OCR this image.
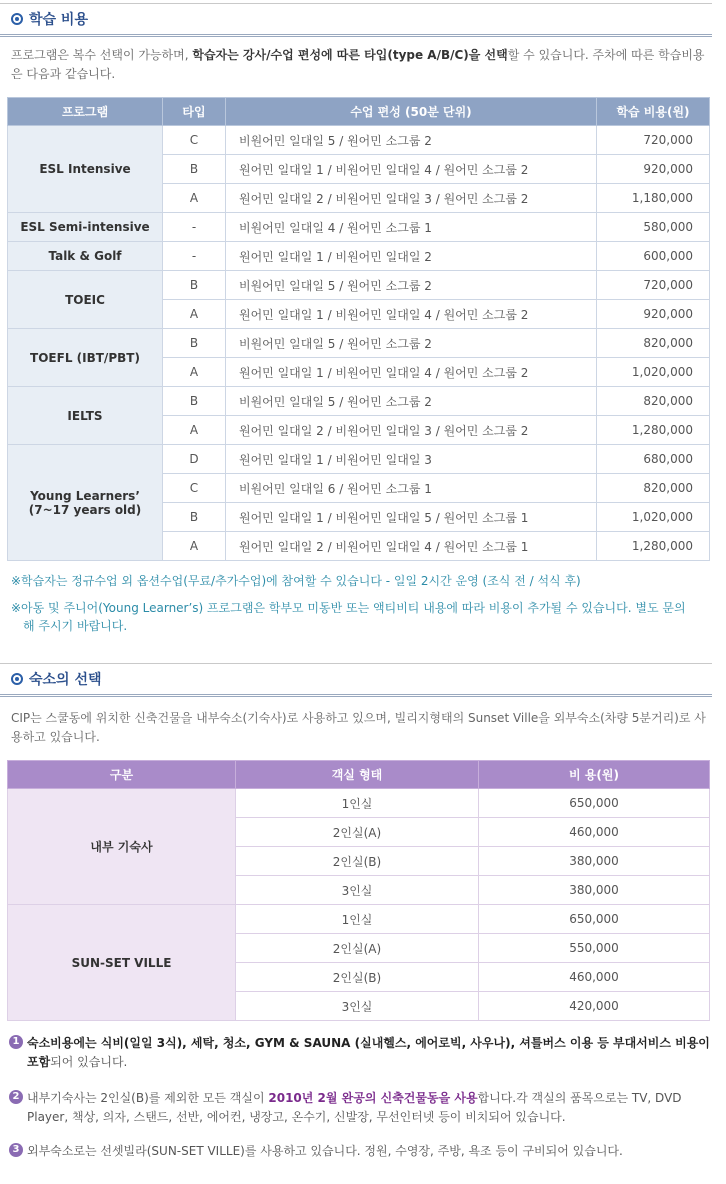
학습 비용
프로그램은 복수 선택이 가능하며, 학습자는 강사/수업 편성에 따른 타입(type A/B/C)을 선택할 수 있습니다. 주차에 따른 학습비용은 다음과 같습니다.
프로그램	타입	수업 편성 (50분 단위)	학습 비용(원)
ESL Intensive	C	비원어민 일대일 5 / 원어민 소그룹 2	720,000
	B	원어민 일대일 1 / 비원어민 일대일 4 / 원어민 소그룹 2	920,000
	A	원어민 일대일 2 / 비원어민 일대일 3 / 원어민 소그룹 2	1,180,000
ESL Semi-intensive	-	비원어민 일대일 4 / 원어민 소그룹 1	580,000
Talk & Golf	-	원어민 일대일 1 / 비원어민 일대일 2	600,000
TOEIC	B	비원어민 일대일 5 / 원어민 소그룹 2	720,000
	A	원어민 일대일 1 / 비원어민 일대일 4 / 원어민 소그룹 2	920,000
TOEFL (IBT/PBT)	B	비원어민 일대일 5 / 원어민 소그룹 2	820,000
	A	원어민 일대일 1 / 비원어민 일대일 4 / 원어민 소그룹 2	1,020,000
IELTS	B	비원어민 일대일 5 / 원어민 소그룹 2	820,000
	A	원어민 일대일 2 / 비원어민 일대일 3 / 원어민 소그룹 2	1,280,000
Young Learners’
(7~17 years old)	D	원어민 일대일 1 / 비원어민 일대일 3	680,000
	C	비원어민 일대일 6 / 원어민 소그룹 1	820,000
	B	원어민 일대일 1 / 비원어민 일대일 5 / 원어민 소그룹 1	1,020,000
	A	원어민 일대일 2 / 비원어민 일대일 4 / 원어민 소그룹 1	1,280,000
※학습자는 정규수업 외 옵션수업(무료/추가수업)에 참여할 수 있습니다 - 일일 2시간 운영 (조식 전 / 석식 후)
※아동 및 주니어(Young Learner’s) 프로그램은 학부모 미동반 또는 액티비티 내용에 따라 비용이 추가될 수 있습니다. 별도 문의
해 주시기 바랍니다.
숙소의 선택
CIP는 스쿨동에 위치한 신축건물을 내부숙소(기숙사)로 사용하고 있으며, 빌리지형태의 Sunset Ville을 외부숙소(차량 5분거리)로 사용하고 있습니다.
구분	객실 형태	비 용(원)
내부 기숙사	1인실	650,000
	2인실(A)	460,000
	2인실(B)	380,000
	3인실	380,000
SUN-SET VILLE	1인실	650,000
	2인실(A)	550,000
	2인실(B)	460,000
	3인실	420,000
1 숙소비용에는 식비(일일 3식), 세탁, 청소, GYM & SAUNA (실내헬스, 에어로빅, 사우나), 셔틀버스 이용 등 부대서비스 비용이 포함되어 있습니다.
2 내부기숙사는 2인실(B)를 제외한 모든 객실이 2010년 2월 완공의 신축건물동을 사용합니다.각 객실의 품목으로는 TV, DVD Player, 책상, 의자, 스탠드, 선반, 에어컨, 냉장고, 온수기, 신발장, 무선인터넷 등이 비치되어 있습니다.
3 외부숙소로는 선셋빌라(SUN-SET VILLE)를 사용하고 있습니다. 정원, 수영장, 주방, 욕조 등이 구비되어 있습니다.
